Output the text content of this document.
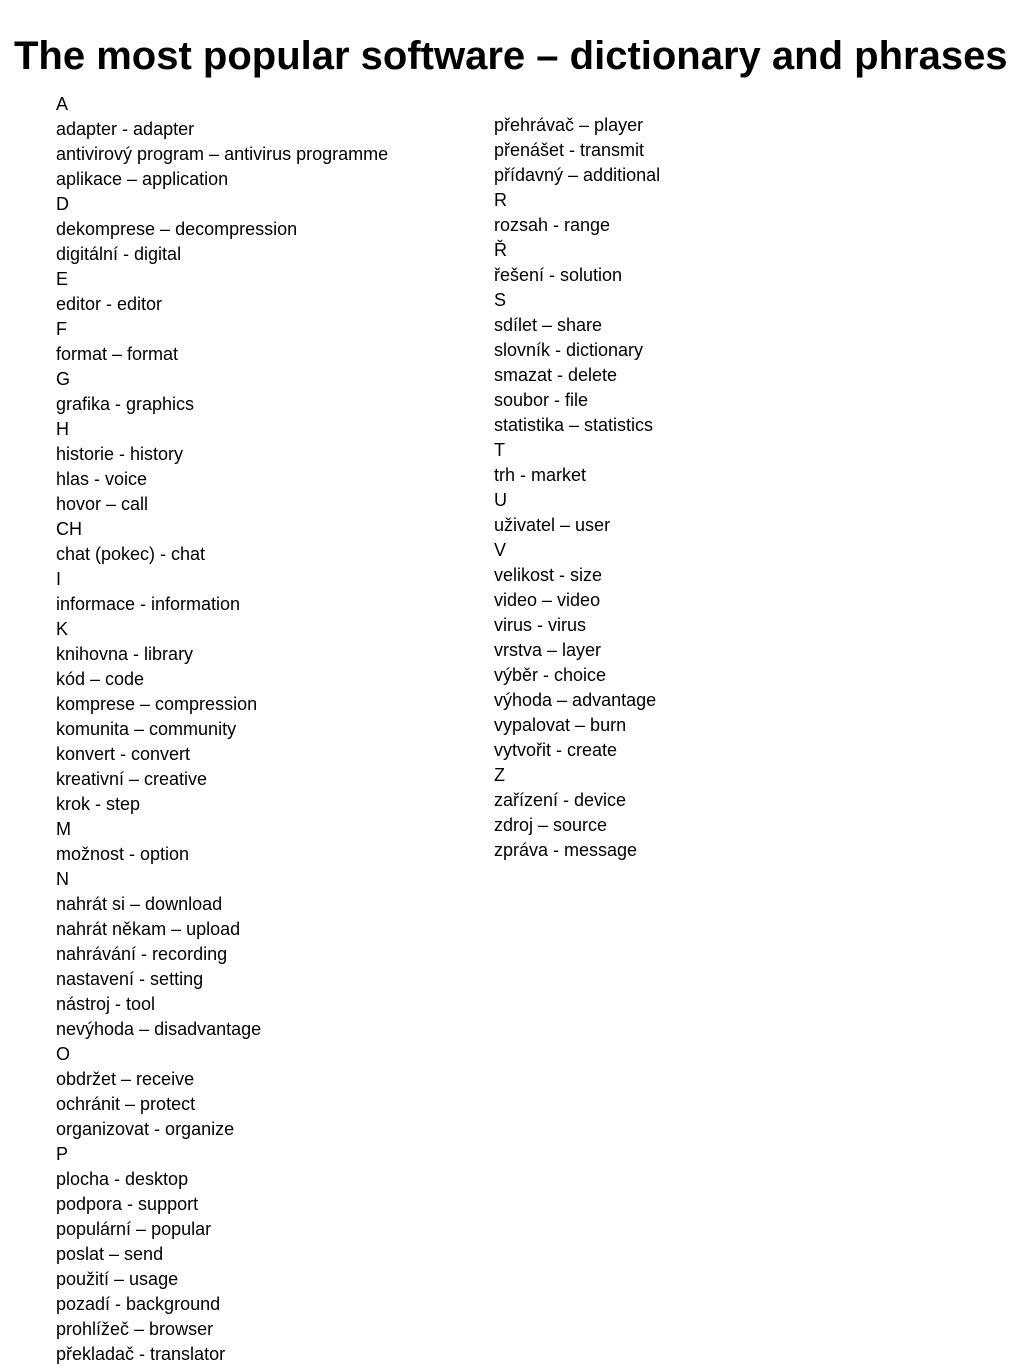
The most popular software – dictionary and phrases
A
adapter - adapter
antivirový program – antivirus programme
aplikace – application
D
dekomprese – decompression
digitální - digital
E
editor - editor
F
format – format
G
grafika - graphics
H
historie - history
hlas - voice
hovor – call
CH
chat (pokec) - chat
I
informace - information
K
knihovna - library
kód – code
komprese – compression
komunita – community
konvert - convert
kreativní – creative
krok - step
M
možnost - option
N
nahrát si – download
nahrát někam – upload
nahrávání - recording
nastavení - setting
nástroj - tool
nevýhoda – disadvantage
O
obdržet – receive
ochránit – protect
organizovat - organize
P
plocha - desktop
podpora - support
populární – popular
poslat – send
použití – usage
pozadí - background
prohlížeč – browser
překladač - translator
přehrávač – player
přenášet - transmit
přídavný – additional
R
rozsah - range
Ř
řešení - solution
S
sdílet – share
slovník - dictionary
smazat - delete
soubor - file
statistika – statistics
T
trh - market
U
uživatel – user
V
velikost - size
video – video
virus - virus
vrstva – layer
výběr - choice
výhoda – advantage
vypalovat – burn
vytvořit - create
Z
zařízení - device
zdroj – source
zpráva - message
